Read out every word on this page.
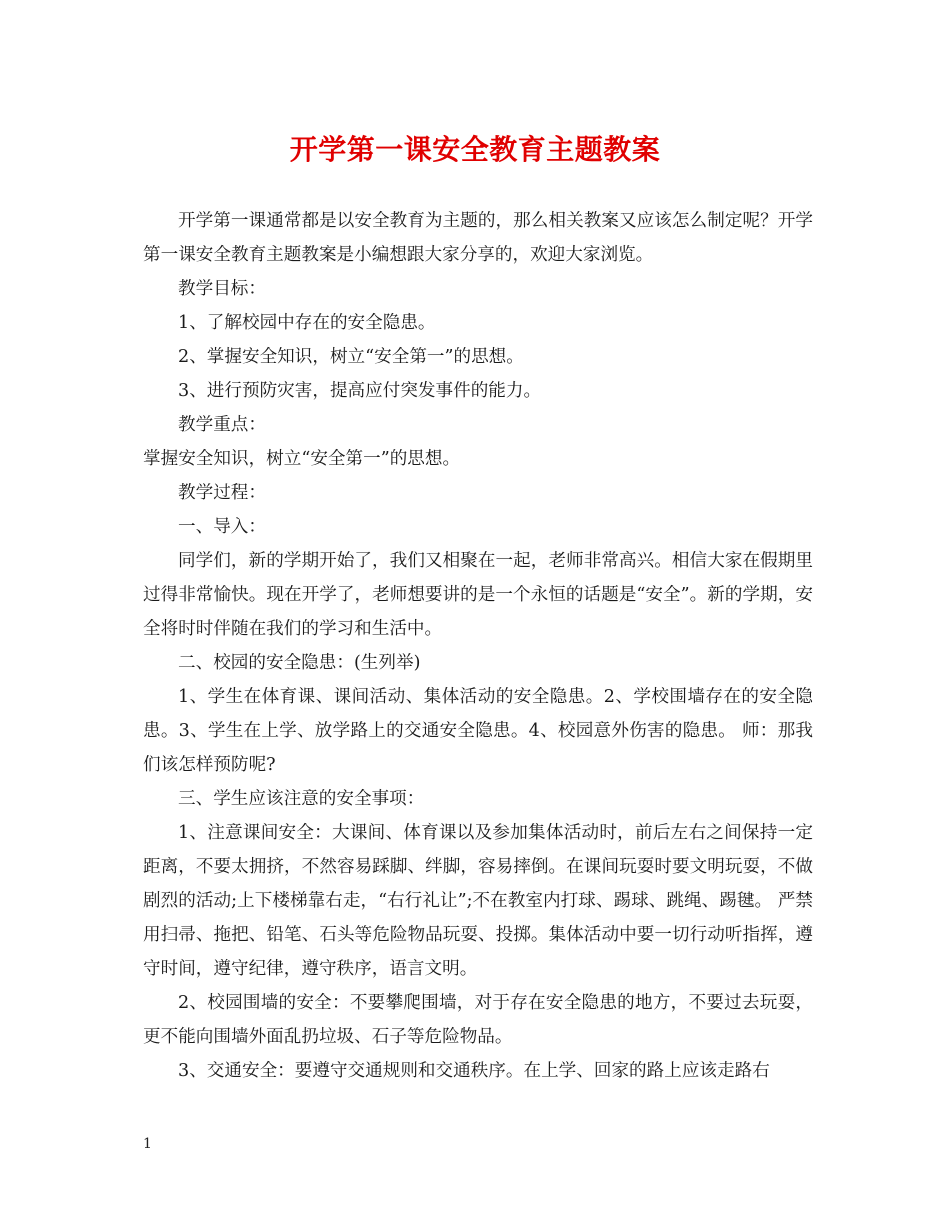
开学第一课安全教育主题教案

开学第一课通常都是以安全教育为主题的，那么相关教案又应该怎么制定呢？开学第一课安全教育主题教案是小编想跟大家分享的，欢迎大家浏览。

教学目标：

1、了解校园中存在的安全隐患。

2、掌握安全知识，树立“安全第一”的思想。

3、进行预防灾害，提高应付突发事件的能力。

教学重点：

掌握安全知识，树立“安全第一”的思想。

教学过程：

一、导入：

同学们，新的学期开始了，我们又相聚在一起，老师非常高兴。相信大家在假期里过得非常愉快。现在开学了，老师想要讲的是一个永恒的话题是“安全”。新的学期，安全将时时伴随在我们的学习和生活中。

二、校园的安全隐患：(生列举)

1、学生在体育课、课间活动、集体活动的安全隐患。2、学校围墙存在的安全隐患。3、学生在上学、放学路上的交通安全隐患。4、校园意外伤害的隐患。 师：那我们该怎样预防呢?

三、学生应该注意的安全事项：

1、注意课间安全：大课间、体育课以及参加集体活动时，前后左右之间保持一定距离，不要太拥挤，不然容易踩脚、绊脚，容易摔倒。在课间玩耍时要文明玩耍，不做剧烈的活动;上下楼梯靠右走，“右行礼让”;不在教室内打球、踢球、跳绳、踢毽。 严禁用扫帚、拖把、铅笔、石头等危险物品玩耍、投掷。集体活动中要一切行动听指挥，遵守时间，遵守纪律，遵守秩序，语言文明。

2、校园围墙的安全：不要攀爬围墙，对于存在安全隐患的地方，不要过去玩耍，更不能向围墙外面乱扔垃圾、石子等危险物品。

3、交通安全：要遵守交通规则和交通秩序。在上学、回家的路上应该走路右

1
